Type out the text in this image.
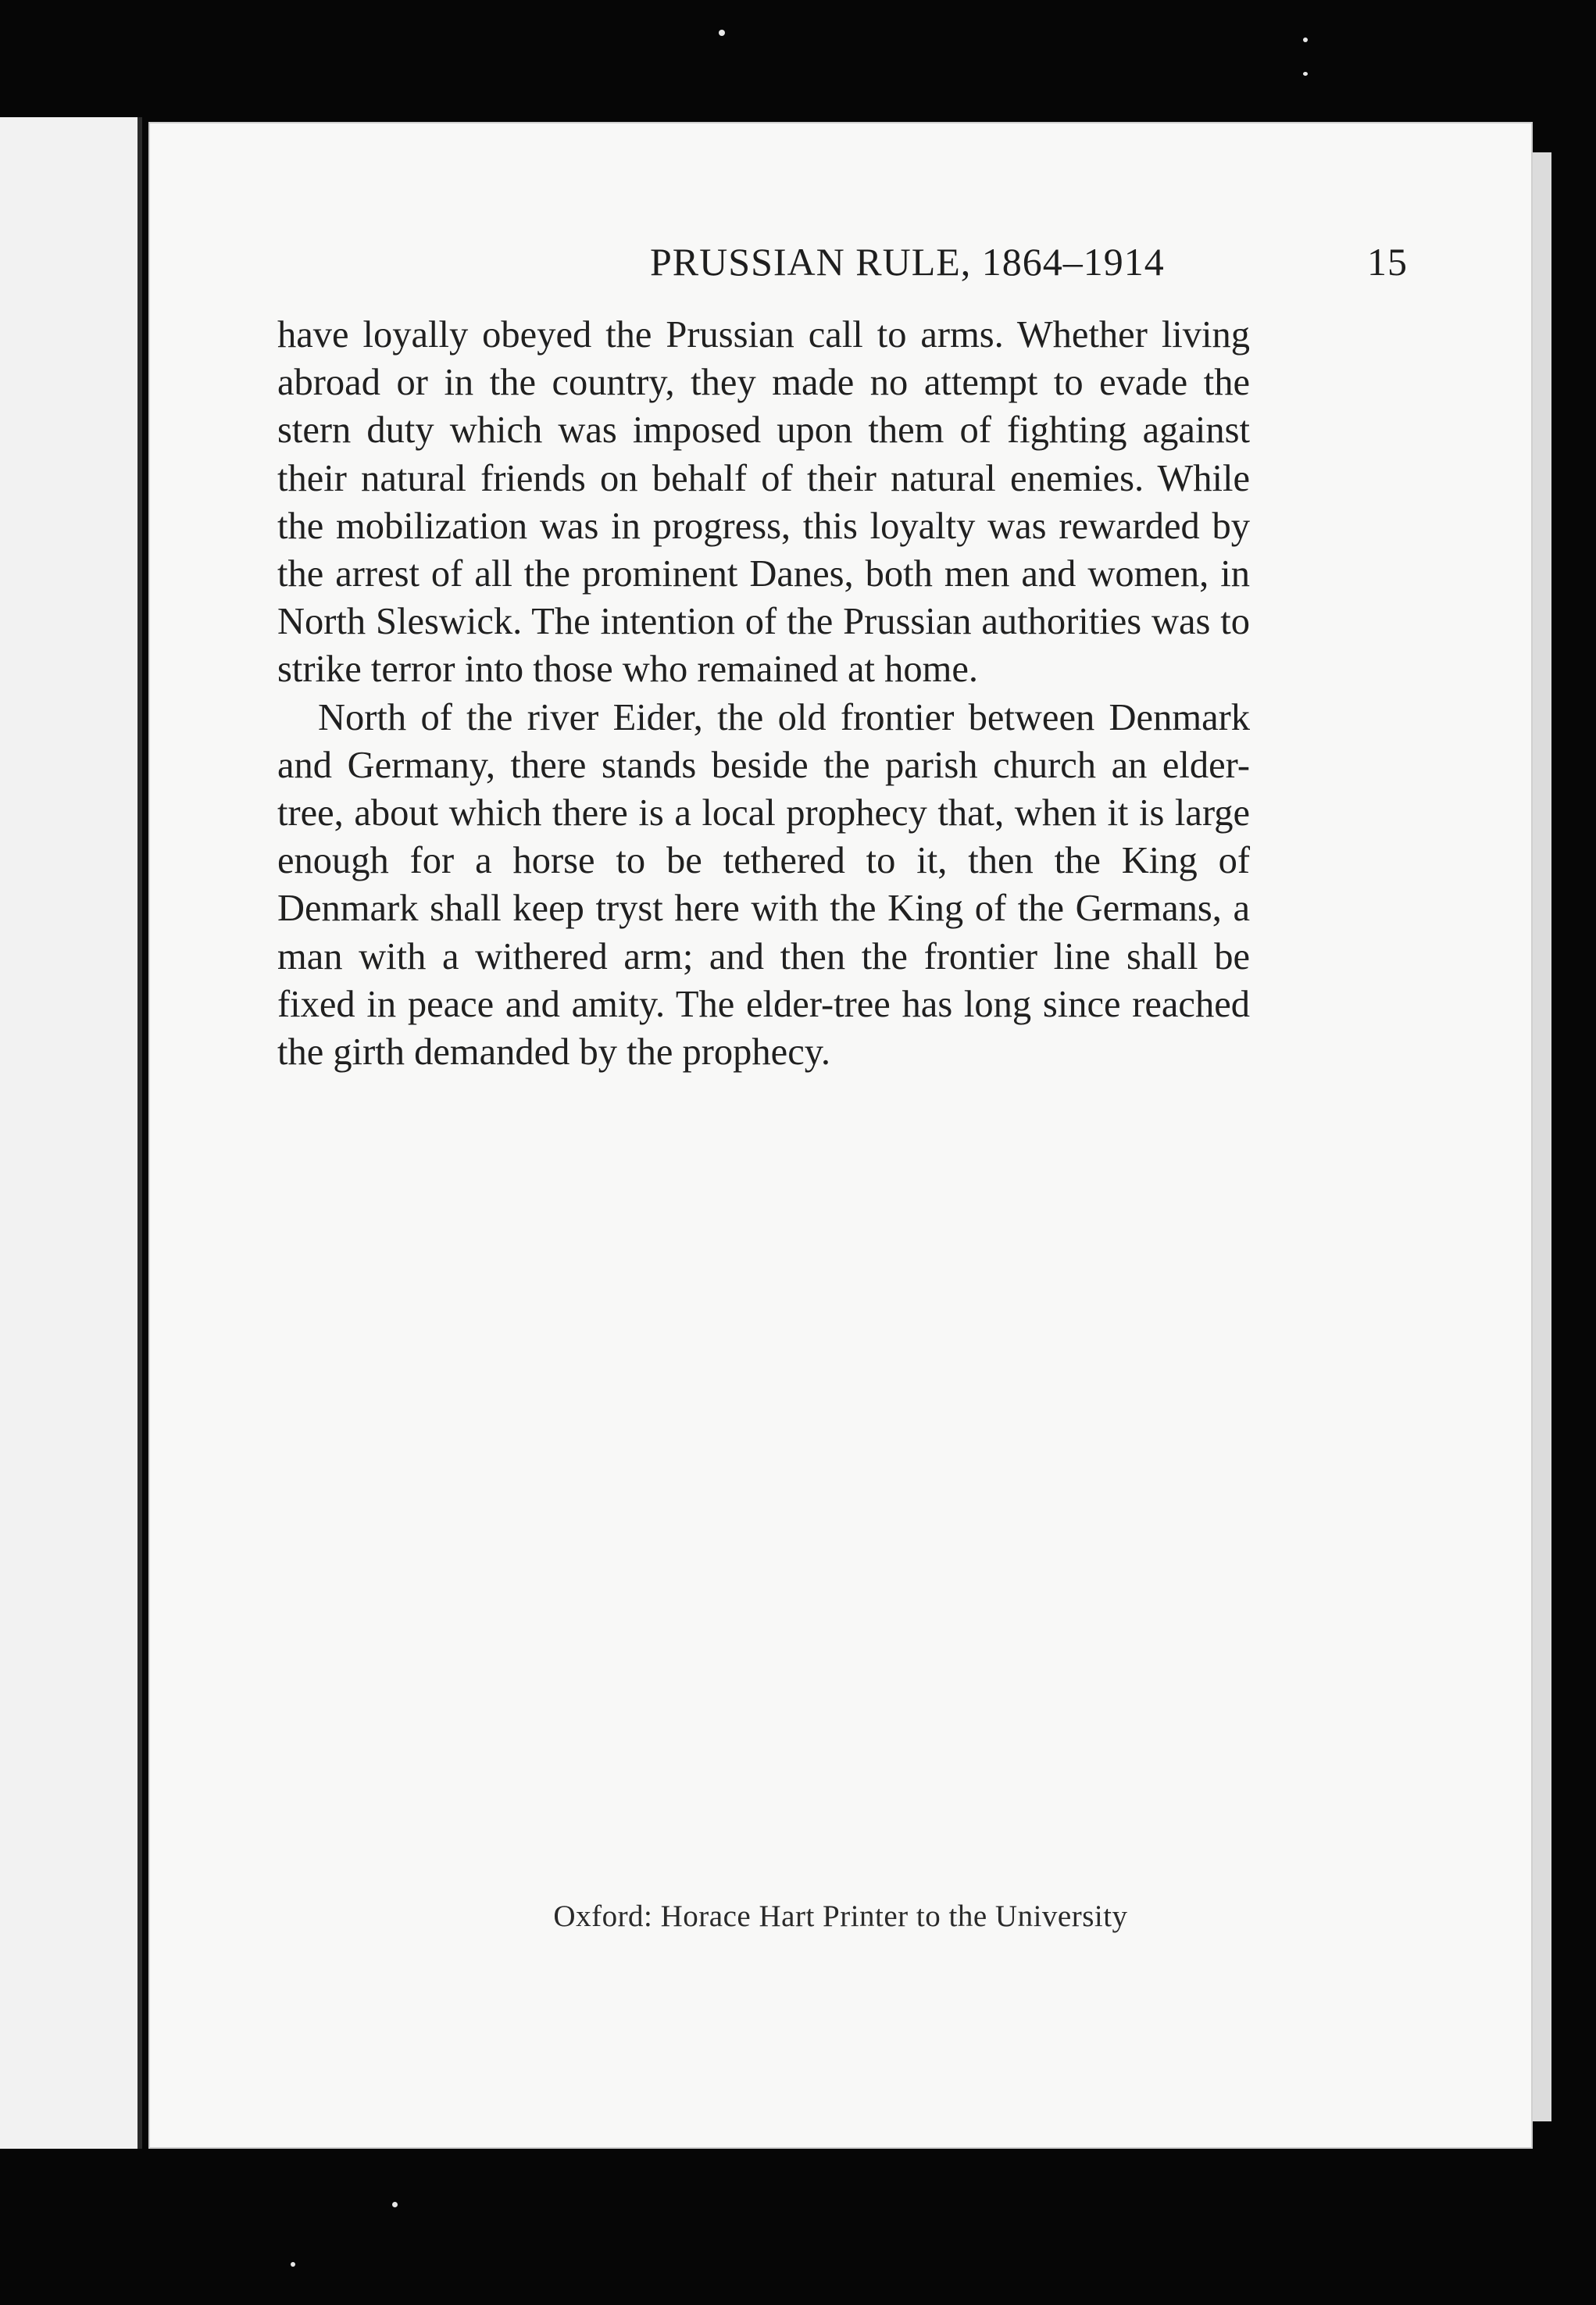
PRUSSIAN RULE, 1864–1914	15

have loyally obeyed the Prussian call to arms. Whether living abroad or in the country, they made no attempt to evade the stern duty which was imposed upon them of fighting against their natural friends on behalf of their natural enemies. While the mobilization was in progress, this loyalty was rewarded by the arrest of all the prominent Danes, both men and women, in North Sleswick. The intention of the Prussian authorities was to strike terror into those who remained at home.

North of the river Eider, the old frontier between Denmark and Germany, there stands beside the parish church an elder-tree, about which there is a local prophecy that, when it is large enough for a horse to be tethered to it, then the King of Denmark shall keep tryst here with the King of the Germans, a man with a withered arm; and then the frontier line shall be fixed in peace and amity. The elder-tree has long since reached the girth demanded by the prophecy.

Oxford: Horace Hart Printer to the University
